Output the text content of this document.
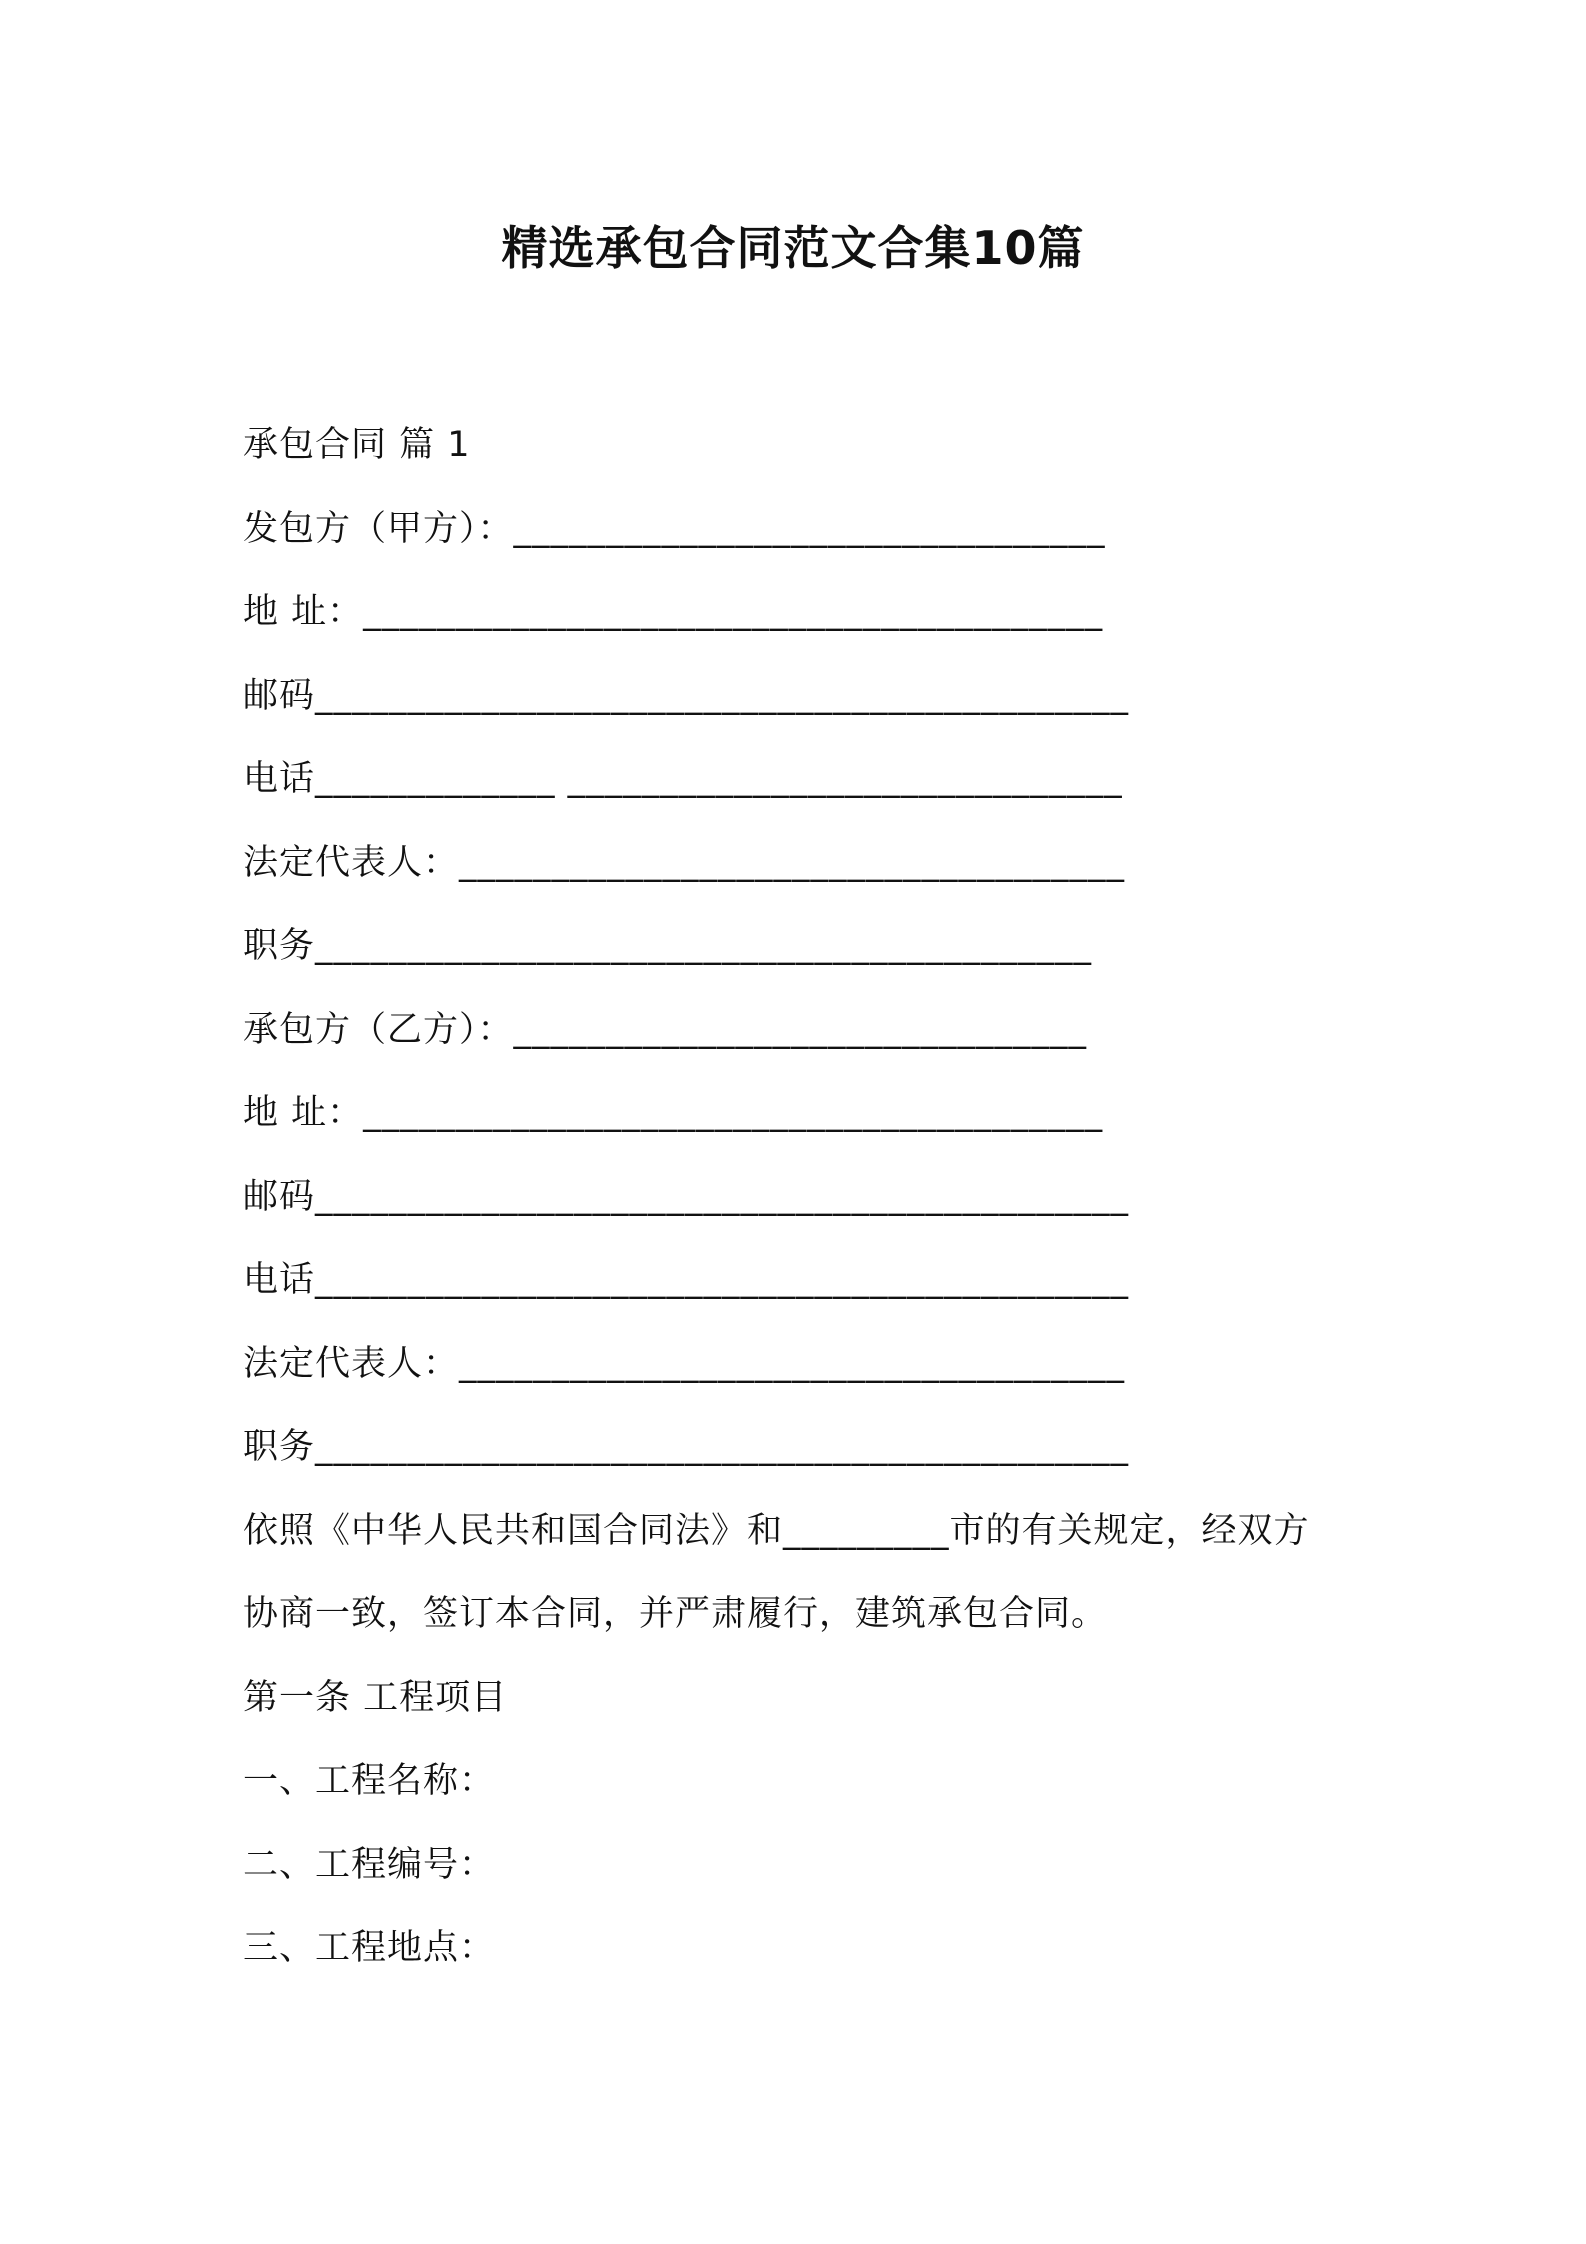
精选承包合同范文合集10篇
承包合同 篇 1
发包方（甲方）：________________________________
地 址：________________________________________
邮码____________________________________________
电话_____________ ______________________________
法定代表人：____________________________________
职务__________________________________________
承包方（乙方）：_______________________________
地 址：________________________________________
邮码____________________________________________
电话____________________________________________
法定代表人：____________________________________
职务____________________________________________
依照《中华人民共和国合同法》和_________市的有关规定，经双方
协商一致，签订本合同，并严肃履行，建筑承包合同。
第一条 工程项目
一、工程名称：
二、工程编号：
三、工程地点：
